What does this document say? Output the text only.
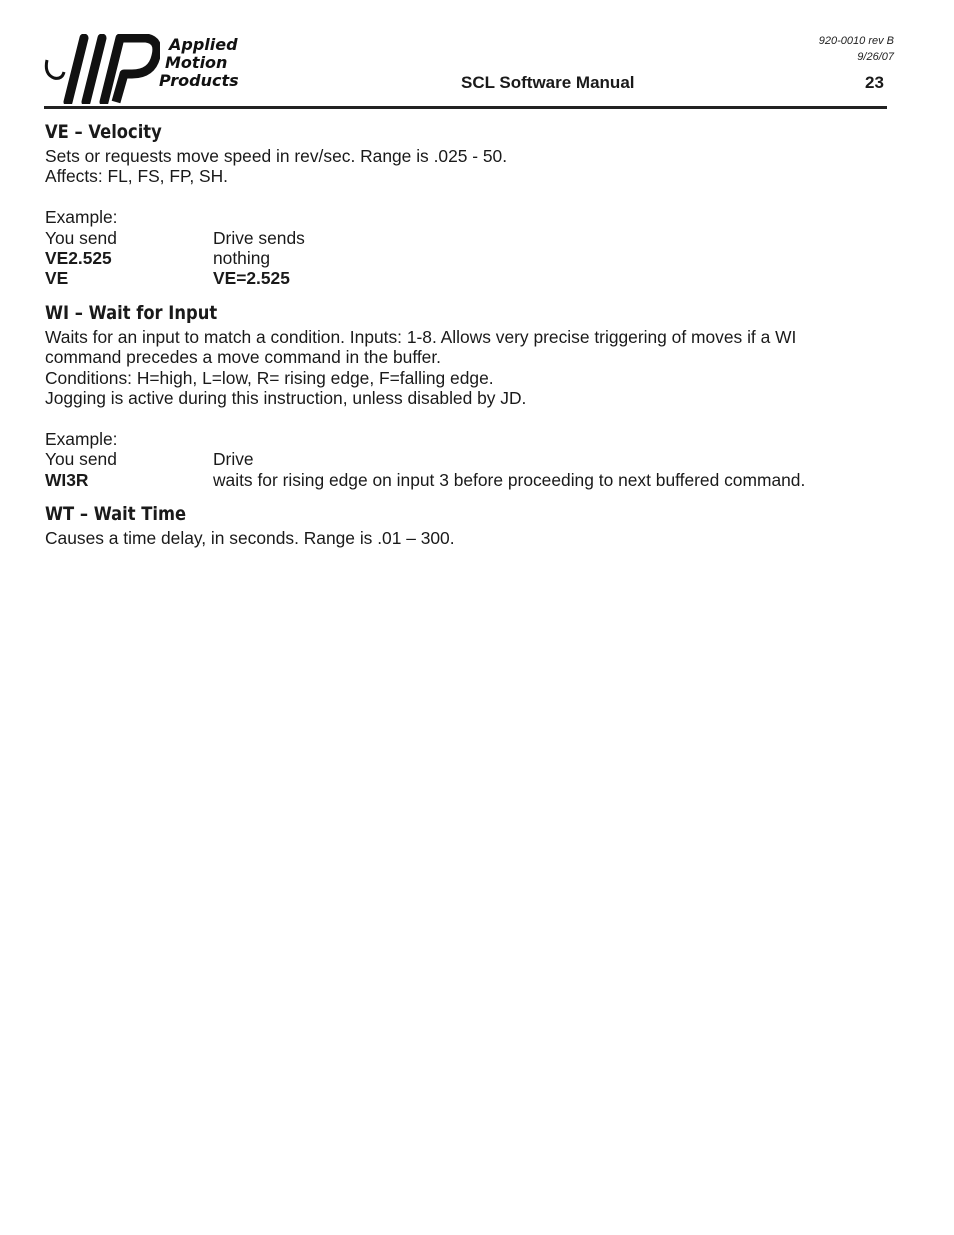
Applied
Motion
Products
920-0010 rev B
9/26/07
SCL Software Manual	23
VE – Velocity

Sets or requests move speed in rev/sec. Range is .025 - 50.

Affects: FL, FS, FP, SH.

Example:

You send	Drive sends
VE2.525	nothing
VE	VE=2.525
WI – Wait for Input

Waits for an input to match a condition. Inputs: 1-8. Allows very precise triggering of moves if a WI

command precedes a move command in the buffer.

Conditions: H=high, L=low, R= rising edge, F=falling edge.

Jogging is active during this instruction, unless disabled by JD.

Example:

You send	Drive
WI3R	waits for rising edge on input 3 before proceeding to next buffered command.
WT – Wait Time

Causes a time delay, in seconds. Range is .01 – 300.
